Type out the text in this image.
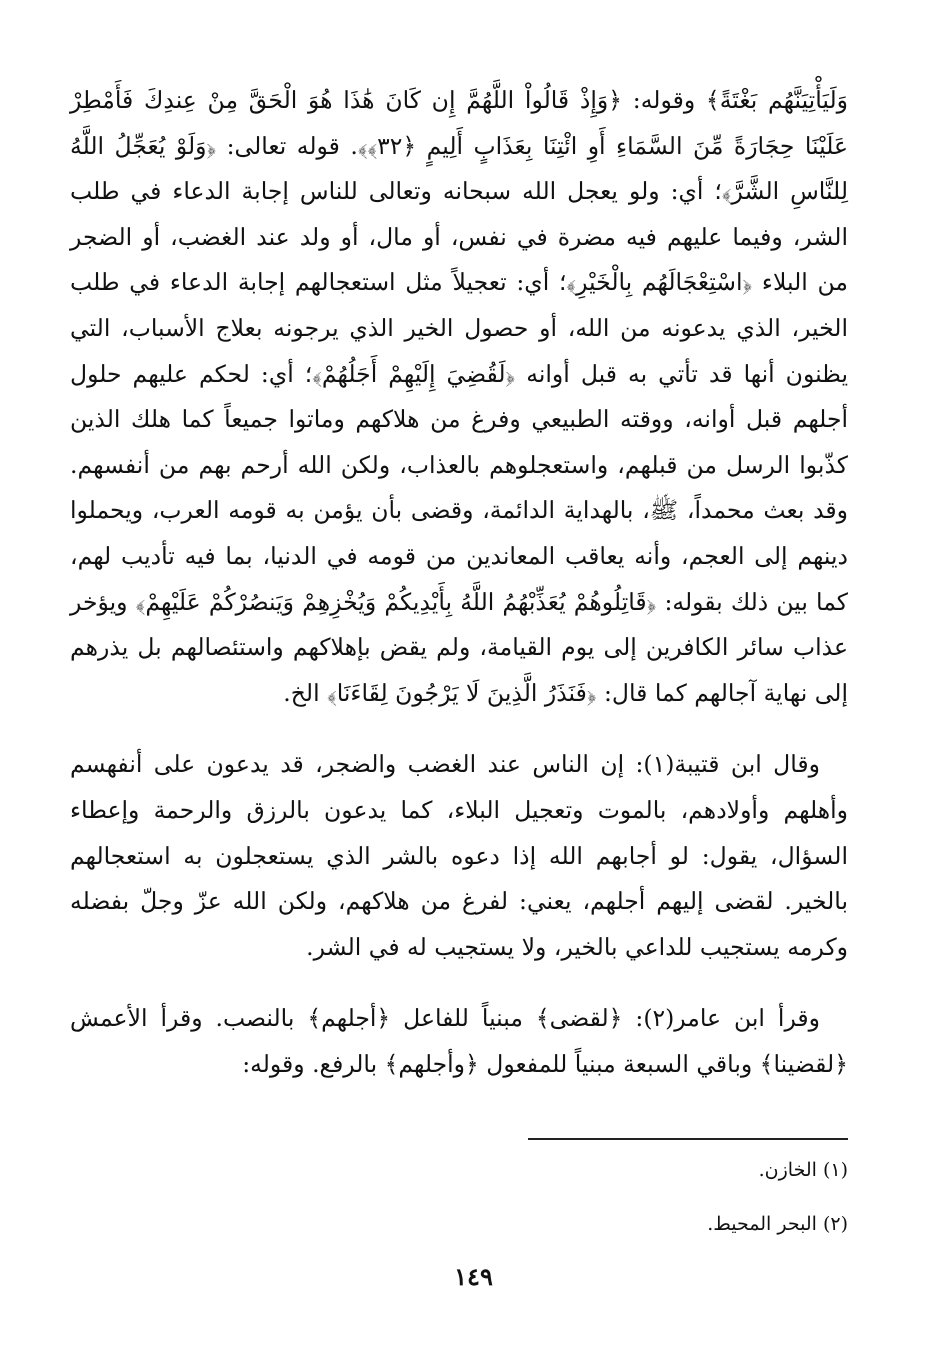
وَلَيَأْتِيَنَّهُم بَغْتَةً﴾ وقوله: ﴿وَإِذْ قَالُواْ اللَّهُمَّ إِن كَانَ هَٰذَا هُوَ الْحَقَّ مِنْ عِندِكَ فَأَمْطِرْ عَلَيْنَا حِجَارَةً مِّنَ السَّمَاءِ أَوِ ائْتِنَا بِعَذَابٍ أَلِيمٍ ﴿٣٢﴾﴾. قوله تعالى: ﴿وَلَوْ يُعَجِّلُ اللَّهُ لِلنَّاسِ الشَّرَّ﴾؛ أي: ولو يعجل الله سبحانه وتعالى للناس إجابة الدعاء في طلب الشر، وفيما عليهم فيه مضرة في نفس، أو مال، أو ولد عند الغضب، أو الضجر من البلاء ﴿اسْتِعْجَالَهُم بِالْخَيْرِ﴾؛ أي: تعجيلاً مثل استعجالهم إجابة الدعاء في طلب الخير، الذي يدعونه من الله، أو حصول الخير الذي يرجونه بعلاج الأسباب، التي يظنون أنها قد تأتي به قبل أوانه ﴿لَقُضِيَ إِلَيْهِمْ أَجَلُهُمْ﴾؛ أي: لحكم عليهم حلول أجلهم قبل أوانه، ووقته الطبيعي وفرغ من هلاكهم وماتوا جميعاً كما هلك الذين كذّبوا الرسل من قبلهم، واستعجلوهم بالعذاب، ولكن الله أرحم بهم من أنفسهم. وقد بعث محمداً، ﷺ، بالهداية الدائمة، وقضى بأن يؤمن به قومه العرب، ويحملوا دينهم إلى العجم، وأنه يعاقب المعاندين من قومه في الدنيا، بما فيه تأديب لهم، كما بين ذلك بقوله: ﴿قَاتِلُوهُمْ يُعَذِّبْهُمُ اللَّهُ بِأَيْدِيكُمْ وَيُخْزِهِمْ وَيَنصُرْكُمْ عَلَيْهِمْ﴾ ويؤخر عذاب سائر الكافرين إلى يوم القيامة، ولم يقض بإهلاكهم واستئصالهم بل يذرهم إلى نهاية آجالهم كما قال: ﴿فَنَذَرُ الَّذِينَ لَا يَرْجُونَ لِقَاءَنَا﴾ الخ.

وقال ابن قتيبة(١): إن الناس عند الغضب والضجر، قد يدعون على أنفهسم وأهلهم وأولادهم، بالموت وتعجيل البلاء، كما يدعون بالرزق والرحمة وإعطاء السؤال، يقول: لو أجابهم الله إذا دعوه بالشر الذي يستعجلون به استعجالهم بالخير. لقضى إليهم أجلهم، يعني: لفرغ من هلاكهم، ولكن الله عزّ وجلّ بفضله وكرمه يستجيب للداعي بالخير، ولا يستجيب له في الشر.

وقرأ ابن عامر(٢): ﴿لقضى﴾ مبنياً للفاعل ﴿أجلهم﴾ بالنصب. وقرأ الأعمش ﴿لقضينا﴾ وباقي السبعة مبنياً للمفعول ﴿وأجلهم﴾ بالرفع. وقوله:

(١) الخازن.

(٢) البحر المحيط.

١٤٩
